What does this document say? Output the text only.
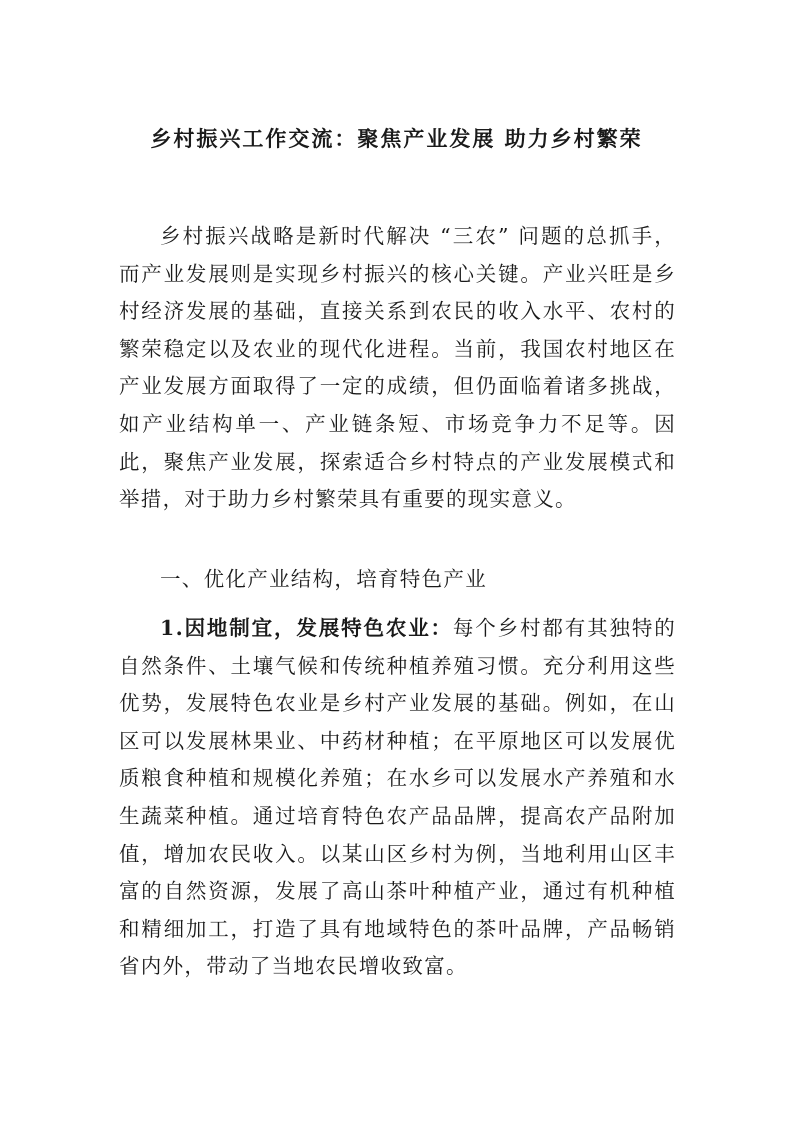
乡村振兴工作交流：聚焦产业发展 助力乡村繁荣

乡村振兴战略是新时代解决 “三农” 问题的总抓手，而产业发展则是实现乡村振兴的核心关键。产业兴旺是乡村经济发展的基础，直接关系到农民的收入水平、农村的繁荣稳定以及农业的现代化进程。当前，我国农村地区在产业发展方面取得了一定的成绩，但仍面临着诸多挑战，如产业结构单一、产业链条短、市场竞争力不足等。因此，聚焦产业发展，探索适合乡村特点的产业发展模式和举措，对于助力乡村繁荣具有重要的现实意义。

一、优化产业结构，培育特色产业

1.因地制宜，发展特色农业：每个乡村都有其独特的自然条件、土壤气候和传统种植养殖习惯。充分利用这些优势，发展特色农业是乡村产业发展的基础。例如，在山区可以发展林果业、中药材种植；在平原地区可以发展优质粮食种植和规模化养殖；在水乡可以发展水产养殖和水生蔬菜种植。通过培育特色农产品品牌，提高农产品附加值，增加农民收入。以某山区乡村为例，当地利用山区丰富的自然资源，发展了高山茶叶种植产业，通过有机种植和精细加工，打造了具有地域特色的茶叶品牌，产品畅销省内外，带动了当地农民增收致富。
